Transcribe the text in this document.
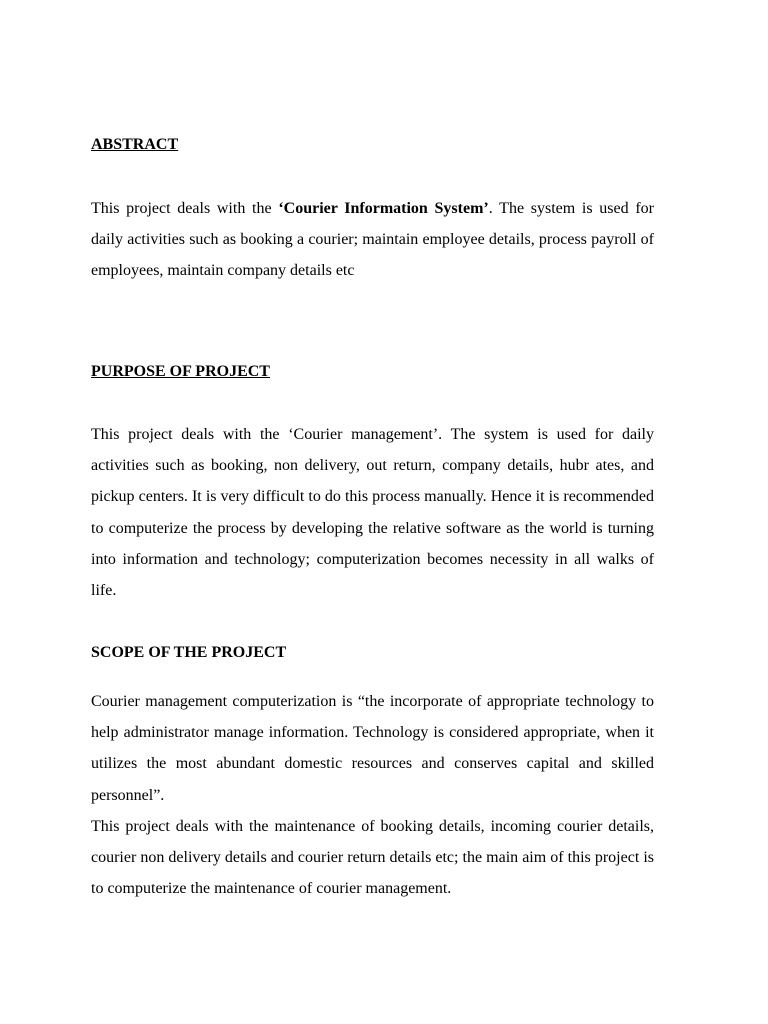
ABSTRACT

This project deals with the ‘Courier Information System’. The system is used for daily activities such as booking a courier; maintain employee details, process payroll of employees, maintain company details etc

PURPOSE OF PROJECT

This project deals with the ‘Courier management’. The system is used for daily activities such as booking, non delivery, out return, company details, hubr ates, and pickup centers. It is very difficult to do this process manually. Hence it is recommended to computerize the process by developing the relative software as the world is turning into information and technology; computerization becomes necessity in all walks of life.

SCOPE OF THE PROJECT

Courier management computerization is “the incorporate of appropriate technology to help administrator manage information. Technology is considered appropriate, when it utilizes the most abundant domestic resources and conserves capital and skilled personnel”.

This project deals with the maintenance of booking details, incoming courier details, courier non delivery details and courier return details etc; the main aim of this project is to computerize the maintenance of courier management.
